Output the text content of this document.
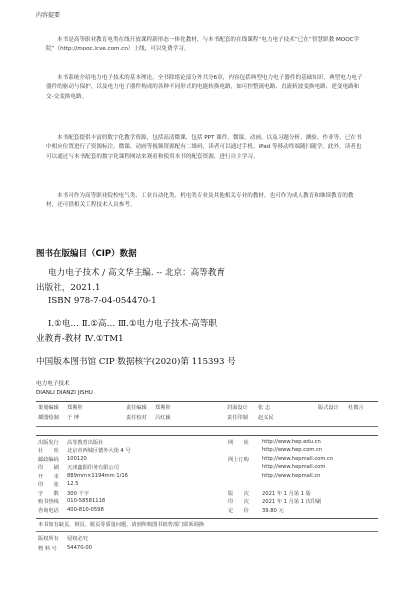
内容提要
本书是高等职业教育电类在线开放课程新形态一体化教材，与本书配套的在线课程“电力电子技术”已在“智慧职教 MOOC学院”（http://mooc.icve.com.cn）上线，可以免费学习。
本书系统介绍电力电子技术的基本理论。全书除绪论部分外共分6章，内容包括典型电力电子器件的基础知识、典型电力电子器件的驱动与保护，以及电力电子器件构成的各种不同形式的电能转换电路，如可控整流电路、直流斩波变换电路、逆变电路和交-交变换电路。
本书配套提供丰富的数字化教学资源，包括高清微课，包括 PPT 课件、微课、动画、以及习题分析、测验、作业等，已在书中相应位置进行了资源标注。微课、动画等视频资源配有二维码，读者可以通过手机、iPad 等移动终端随扫随学。此外，读者也可以通过与本书配套的数字化课程网站来观看和使用本书的配套资源，进行自主学习。
本书可作为高等职业院校电气类、工业自动化类、机电类专业及其他相关专业的教材，也可作为成人教育和继续教育的教材，还可供相关工程技术人员参考。
图书在版编目（CIP）数据
电力电子技术 / 高文华主编. -- 北京：高等教育
出版社，2021.1
ISBN 978-7-04-054470-1
Ⅰ.①电… Ⅱ.①高… Ⅲ.①电力电子技术-高等职
业教育-教材 Ⅳ.①TM1
中国版本图书馆 CIP 数据核字(2020)第 115393 号
电力电子技术
DIANLI DIANZI JISHU
策划编辑 郑期彤	责任编辑 郑期彤	封面设计 张 志	版式设计 杜微言
插图绘制 于 博	责任校对 吕红颖	责任印制 赵义民
出版发行 高等教育出版社
社　　址 北京市西城区德外大街 4 号
邮政编码 100120
印　　刷 天津鑫阳印务有限公司
开　　本 889mm×1194mm 1/16
印　　张 12.5
字　　数 300 千字
购书热线 010-58581118
咨询电话 400-810-0598
网　　址	http://www.hep.edu.cn
http://www.hep.com.cn
网上订购	http://www.hepmall.com.cn
http://www.hepmall.com
http://www.hepmall.cn
版　　次	2021 年 1 月第 1 版
印　　次	2021 年 1 月第 1 次印刷
定　　价	39.80 元
本书如有缺页、倒页、脱页等质量问题，请到所购图书销售部门联系调换
版权所有 侵权必究
物 料 号 54470-00
